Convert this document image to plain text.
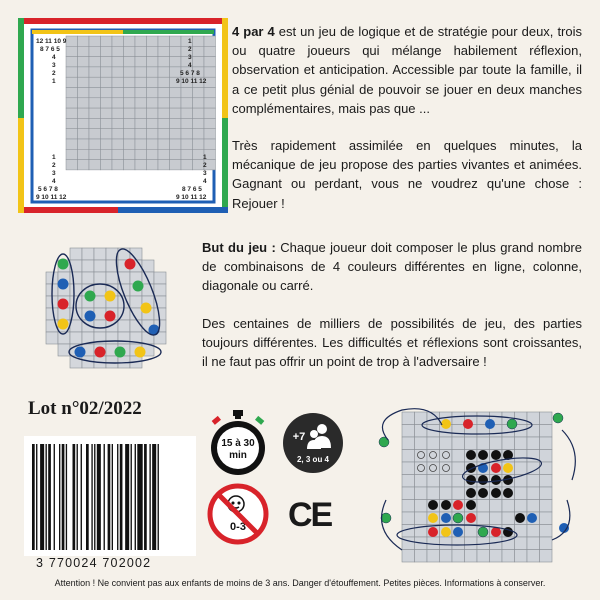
12 11 10 9
8 7 6 5
4
3
2
1
1
2
3
4
5 6 7 8
9 10 11 12
1
2
3
4
5 6 7 8
9 10 11 12
1
2
3
4
8 7 6 5
9 10 11 12

4 par 4 est un jeu de logique et de stratégie pour deux, trois ou quatre joueurs qui mélange habilement réflexion, observation et anticipation. Accessible par toute la famille, il a ce petit plus génial de pouvoir se jouer en deux manches complémentaires, mais pas que ...

Très rapidement assimilée en quelques minutes, la mécanique de jeu propose des parties vivantes et animées. Gagnant ou perdant, vous ne voudrez qu'une chose : Rejouer !

But du jeu : Chaque joueur doit composer le plus grand nombre de combinaisons de 4 couleurs différentes en ligne, colonne, diagonale ou carré.

Des centaines de milliers de possibilités de jeu, des parties toujours différentes. Les difficultés et réflexions sont croissantes, il ne faut pas offrir un point de trop à l'adversaire !

Lot n°02/2022
3 770024 702002
15 à 30
min
+7
2, 3 ou 4
0-3 CE
Attention ! Ne convient pas aux enfants de moins de 3 ans. Danger d'étouffement. Petites pièces. Informations à conserver.
